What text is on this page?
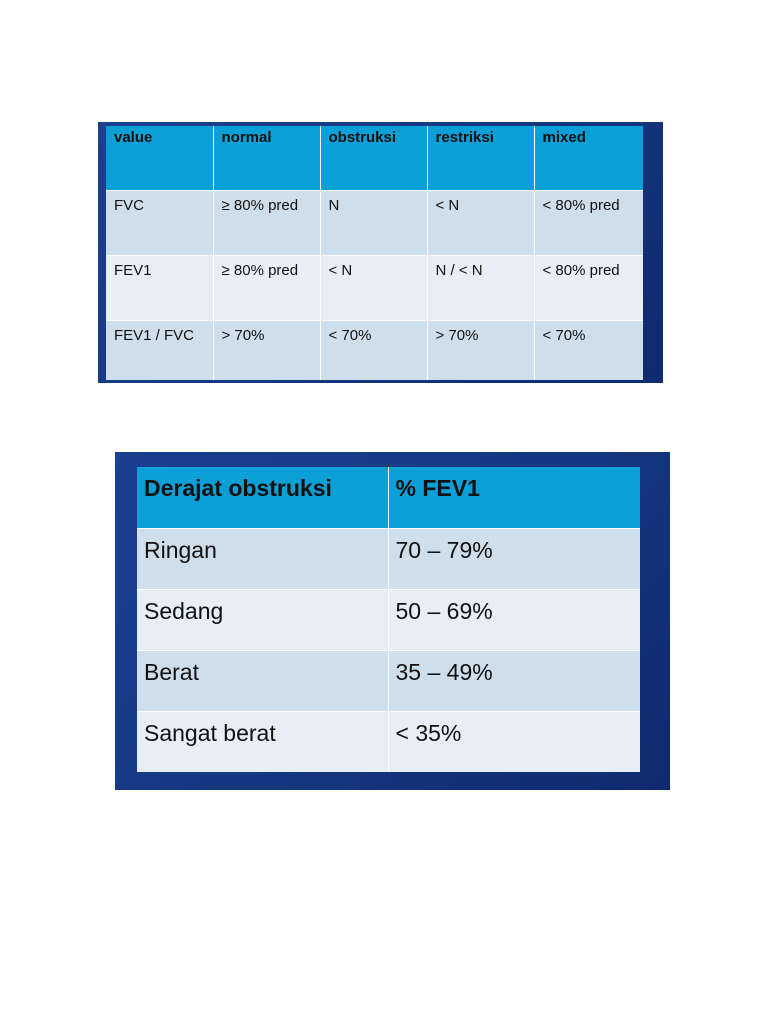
value	normal	obstruksi	restriksi	mixed
FVC	≥ 80% pred	N	< N	< 80% pred
FEV1	≥ 80% pred	< N	N / < N	< 80% pred
FEV1 / FVC	> 70%	< 70%	> 70%	< 70%
Derajat obstruksi	% FEV1
Ringan	70 – 79%
Sedang	50 – 69%
Berat	35 – 49%
Sangat berat	< 35%
